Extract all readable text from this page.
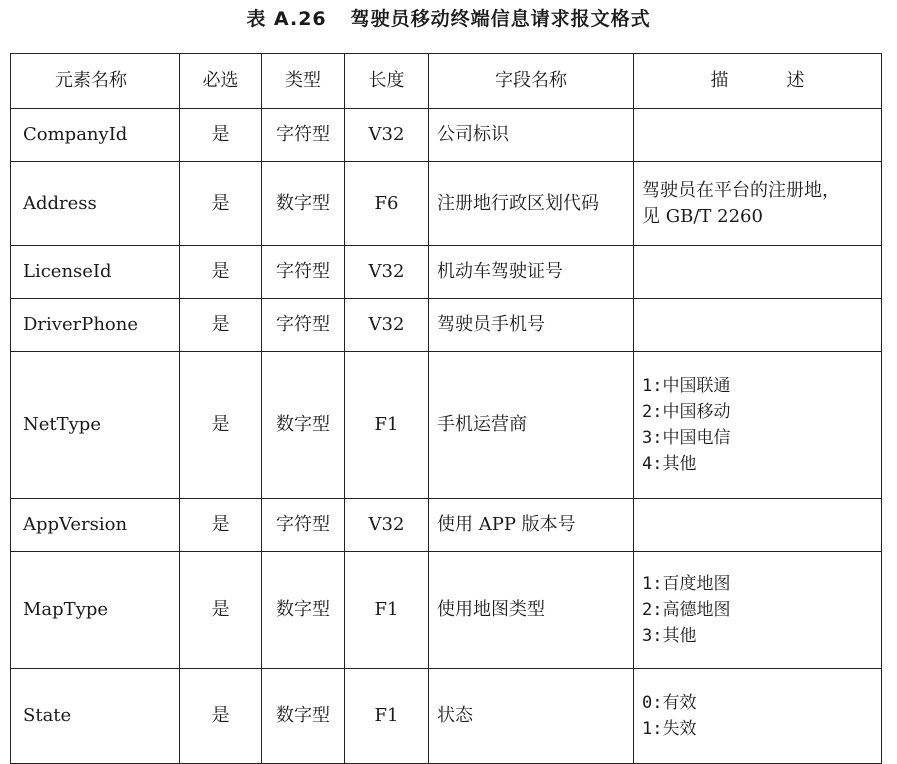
表 A.26 驾驶员移动终端信息请求报文格式
元素名称	必选	类型	长度	字段名称	描述
CompanyId	是	字符型	V32	公司标识	
Address	是	数字型	F6	注册地行政区划代码	驾驶员在平台的注册地，
见 GB/T 2260

LicenseId	是	字符型	V32	机动车驾驶证号	
DriverPhone	是	字符型	V32	驾驶员手机号	
NetType	是	数字型	F1	手机运营商	1:中国联通
2:中国移动
3:中国电信
4:其他

AppVersion	是	字符型	V32	使用 APP 版本号	
MapType	是	数字型	F1	使用地图类型	1:百度地图
2:高德地图
3:其他

State	是	数字型	F1	状态	0:有效
1:失效
